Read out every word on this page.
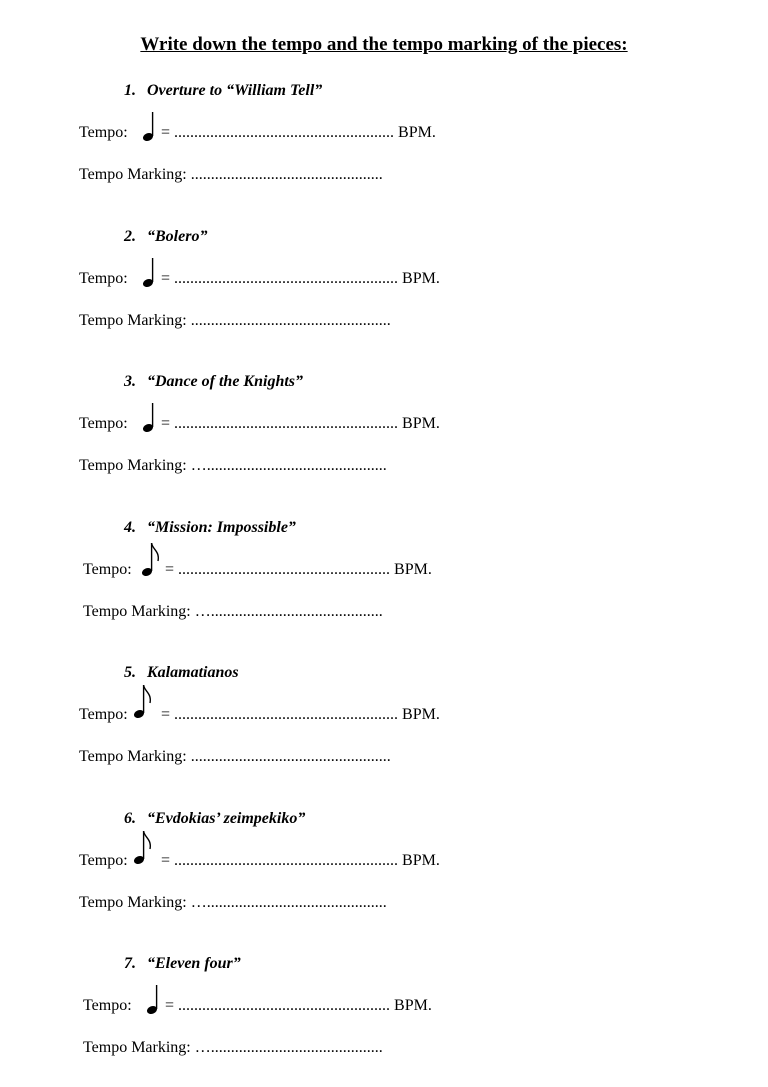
Write down the tempo and the tempo marking of the pieces:
1. Overture to “William Tell”
Tempo: = ....................................................... BPM.
Tempo Marking: ................................................
2. “Bolero”
Tempo: = ........................................................ BPM.
Tempo Marking: ..................................................
3. “Dance of the Knights”
Tempo: = ........................................................ BPM.
Tempo Marking: ….............................................
4. “Mission: Impossible”
Tempo: = ..................................................... BPM.
Tempo Marking: …...........................................
5. Kalamatianos
Tempo: = ........................................................ BPM.
Tempo Marking: ..................................................
6. “Evdokias’ zeimpekiko”
Tempo: = ........................................................ BPM.
Tempo Marking: ….............................................
7. “Eleven four”
Tempo: = ..................................................... BPM.
Tempo Marking: …...........................................
